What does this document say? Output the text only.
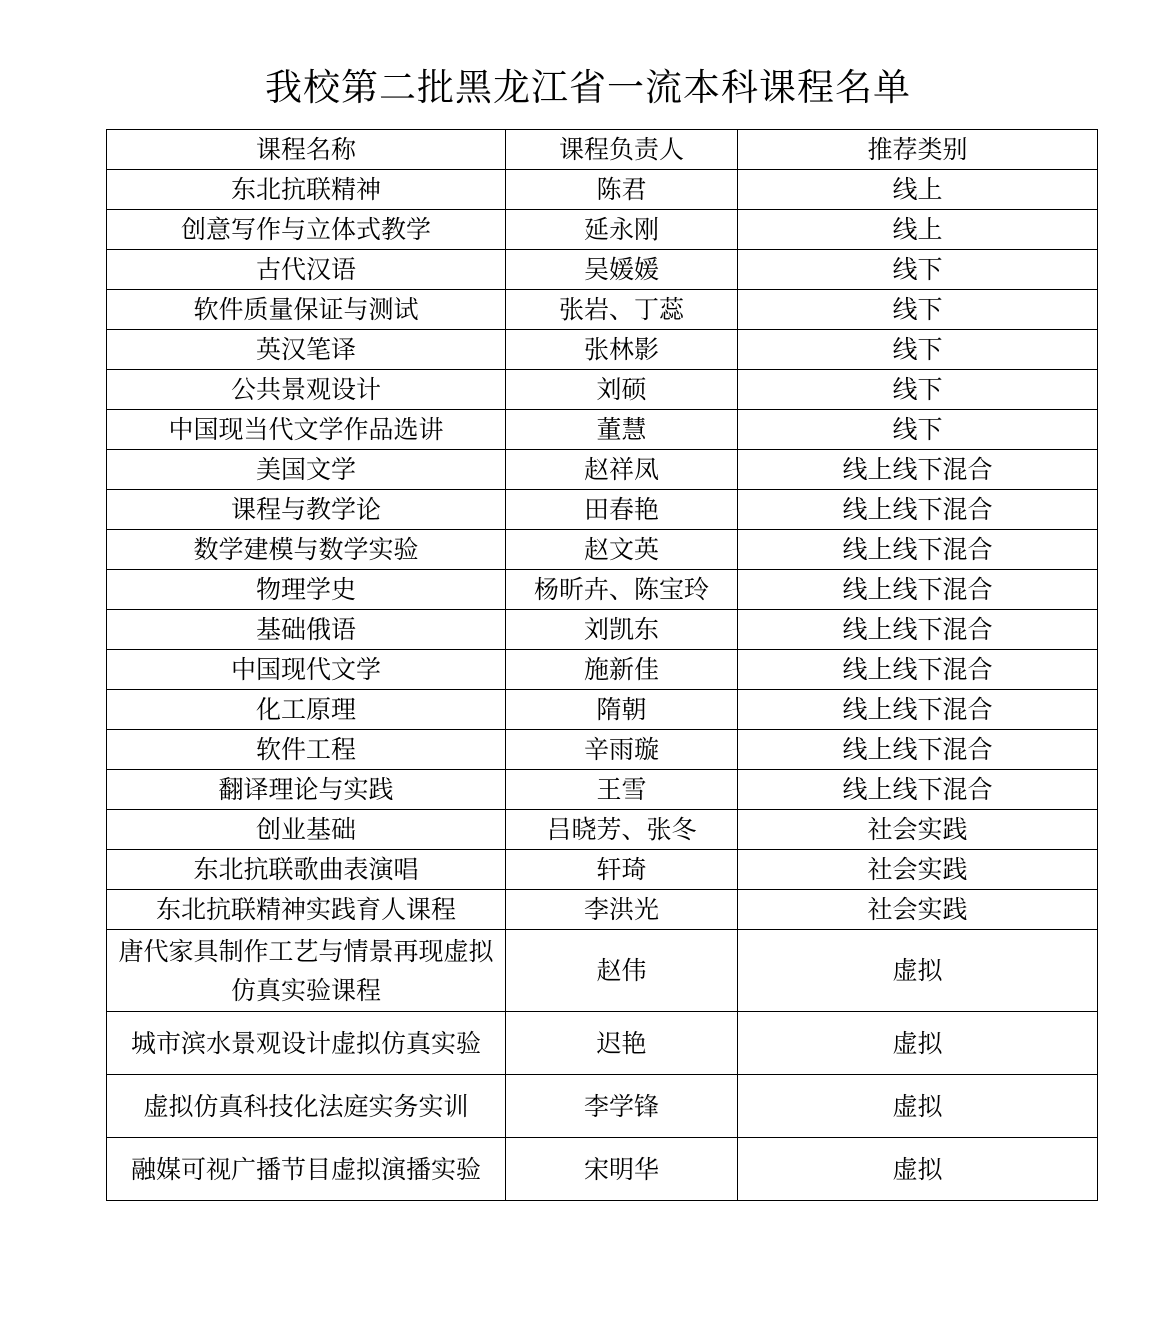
我校第二批黑龙江省一流本科课程名单
课程名称	课程负责人	推荐类别
东北抗联精神	陈君	线上
创意写作与立体式教学	延永刚	线上
古代汉语	吴媛媛	线下
软件质量保证与测试	张岩、丁蕊	线下
英汉笔译	张林影	线下
公共景观设计	刘硕	线下
中国现当代文学作品选讲	董慧	线下
美国文学	赵祥凤	线上线下混合
课程与教学论	田春艳	线上线下混合
数学建模与数学实验	赵文英	线上线下混合
物理学史	杨昕卉、陈宝玲	线上线下混合
基础俄语	刘凯东	线上线下混合
中国现代文学	施新佳	线上线下混合
化工原理	隋朝	线上线下混合
软件工程	辛雨璇	线上线下混合
翻译理论与实践	王雪	线上线下混合
创业基础	吕晓芳、张冬	社会实践
东北抗联歌曲表演唱	轩琦	社会实践
东北抗联精神实践育人课程	李洪光	社会实践
唐代家具制作工艺与情景再现虚拟仿真实验课程	赵伟	虚拟
城市滨水景观设计虚拟仿真实验	迟艳	虚拟
虚拟仿真科技化法庭实务实训	李学锋	虚拟
融媒可视广播节目虚拟演播实验	宋明华	虚拟
